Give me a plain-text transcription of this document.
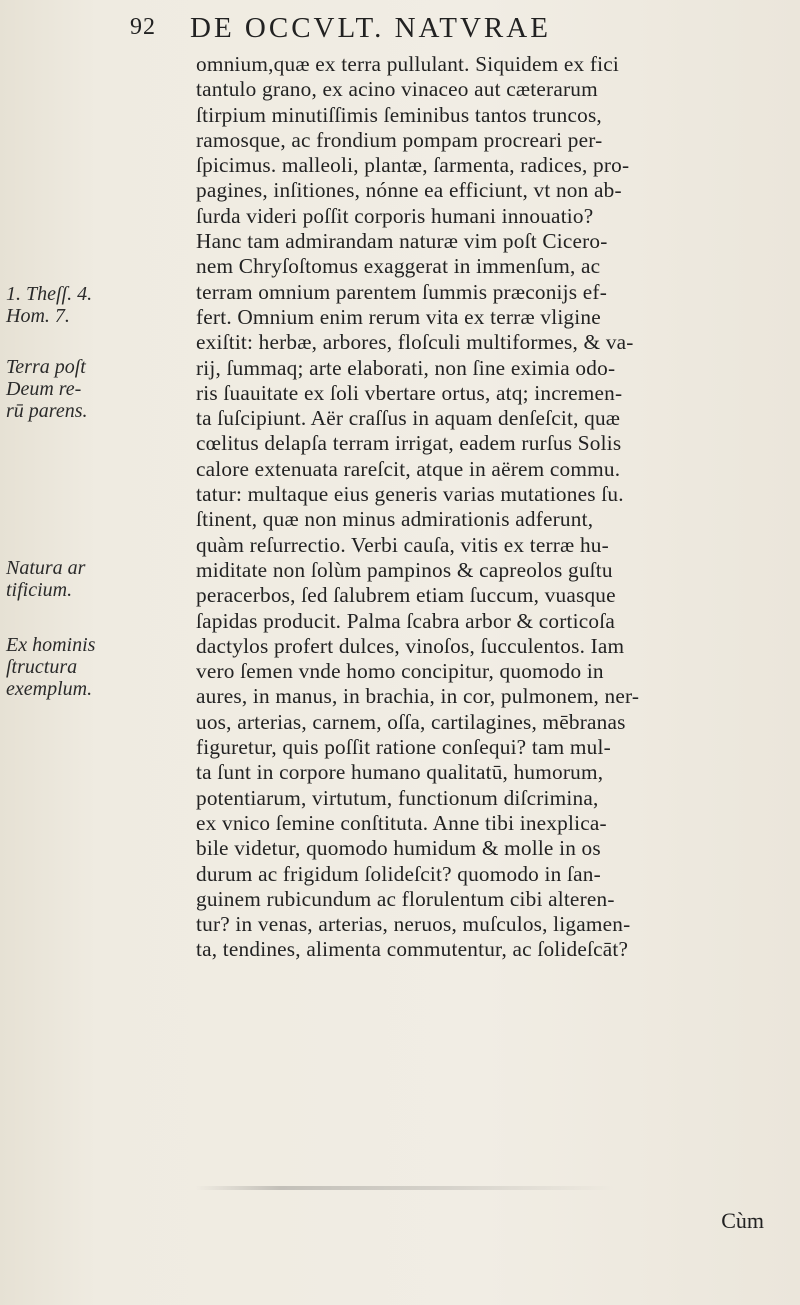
92 DE OCCVLT. NATVRAE
1. Theſſ. 4.
Hom. 7.
Terra poſt
Deum re-
rū parens.
Natura ar
tificium.
Ex hominis
ſtructura
exemplum.
omnium,quæ ex terra pullulant. Siquidem ex fici
tantulo grano, ex acino vinaceo aut cæterarum
ſtirpium minutiſſimis ſeminibus tantos truncos,
ramosque, ac frondium pompam procreari per-
ſpicimus. malleoli, plantæ, ſarmenta, radices, pro-
pagines, inſitiones, nónne ea efficiunt, vt non ab-
ſurda videri poſſit corporis humani innouatio?
Hanc tam admirandam naturæ vim poſt Cicero-
nem Chryſoſtomus exaggerat in immenſum, ac
terram omnium parentem ſummis præconijs ef-
fert. Omnium enim rerum vita ex terræ vligine
exiſtit: herbæ, arbores, floſculi multiformes, & va-
rij, ſummaq; arte elaborati, non ſine eximia odo-
ris ſuauitate ex ſoli vbertare ortus, atq; incremen-
ta ſuſcipiunt. Aër craſſus in aquam denſeſcit, quæ
cœlitus delapſa terram irrigat, eadem rurſus Solis
calore extenuata rareſcit, atque in aërem commu.
tatur: multaque eius generis varias mutationes ſu.
ſtinent, quæ non minus admirationis adferunt,
quàm reſurrectio. Verbi cauſa, vitis ex terræ hu-
miditate non ſolùm pampinos & capreolos guſtu
peracerbos, ſed ſalubrem etiam ſuccum, vuasque
ſapidas producit. Palma ſcabra arbor & corticoſa
dactylos profert dulces, vinoſos, ſucculentos. Iam
vero ſemen vnde homo concipitur, quomodo in
aures, in manus, in brachia, in cor, pulmonem, ner-
uos, arterias, carnem, oſſa, cartilagines, mēbranas
figuretur, quis poſſit ratione conſequi? tam mul-
ta ſunt in corpore humano qualitatū, humorum,
potentiarum, virtutum, functionum diſcrimina,
ex vnico ſemine conſtituta. Anne tibi inexplica-
bile videtur, quomodo humidum & molle in os
durum ac frigidum ſolideſcit? quomodo in ſan-
guinem rubicundum ac florulentum cibi alteren-
tur? in venas, arterias, neruos, muſculos, ligamen-
ta, tendines, alimenta commutentur, ac ſolideſcāt?
Cùm
